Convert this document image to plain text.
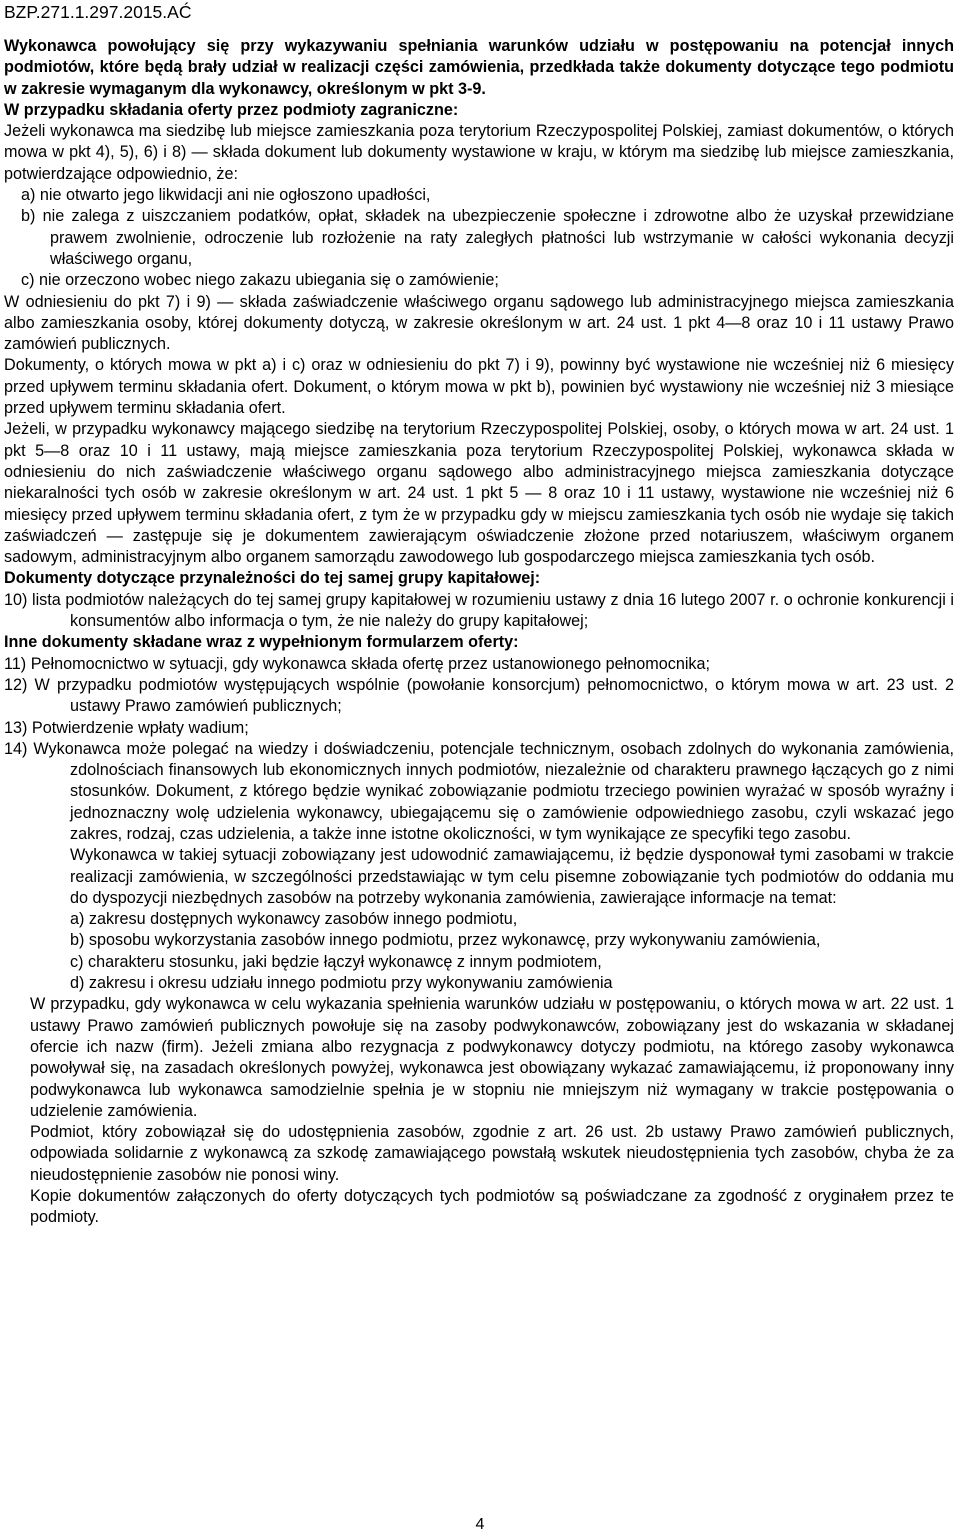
BZP.271.1.297.2015.AĆ

Wykonawca powołujący się przy wykazywaniu spełniania warunków udziału w postępowaniu na potencjał innych podmiotów, które będą brały udział w realizacji części zamówienia, przedkłada także dokumenty dotyczące tego podmiotu w zakresie wymaganym dla wykonawcy, określonym w pkt 3-9.

W przypadku składania oferty przez podmioty zagraniczne:

Jeżeli wykonawca ma siedzibę lub miejsce zamieszkania poza terytorium Rzeczypospolitej Polskiej, zamiast dokumentów, o których mowa w pkt 4), 5), 6) i 8) — składa dokument lub dokumenty wystawione w kraju, w którym ma siedzibę lub miejsce zamieszkania, potwierdzające odpowiednio, że:

a) nie otwarto jego likwidacji ani nie ogłoszono upadłości,

b) nie zalega z uiszczaniem podatków, opłat, składek na ubezpieczenie społeczne i zdrowotne albo że uzyskał przewidziane prawem zwolnienie, odroczenie lub rozłożenie na raty zaległych płatności lub wstrzymanie w całości wykonania decyzji właściwego organu,

c) nie orzeczono wobec niego zakazu ubiegania się o zamówienie;

W odniesieniu do pkt 7) i 9) — składa zaświadczenie właściwego organu sądowego lub administracyjnego miejsca zamieszkania albo zamieszkania osoby, której dokumenty dotyczą, w zakresie określonym w art. 24 ust. 1 pkt 4—8 oraz 10 i 11 ustawy Prawo zamówień publicznych.

Dokumenty, o których mowa w pkt a) i c) oraz w odniesieniu do pkt 7) i 9), powinny być wystawione nie wcześniej niż 6 miesięcy przed upływem terminu składania ofert. Dokument, o którym mowa w pkt b), powinien być wystawiony nie wcześniej niż 3 miesiące przed upływem terminu składania ofert.

Jeżeli, w przypadku wykonawcy mającego siedzibę na terytorium Rzeczypospolitej Polskiej, osoby, o których mowa w art. 24 ust. 1 pkt 5—8 oraz 10 i 11 ustawy, mają miejsce zamieszkania poza terytorium Rzeczypospolitej Polskiej, wykonawca składa w odniesieniu do nich zaświadczenie właściwego organu sądowego albo administracyjnego miejsca zamieszkania dotyczące niekaralności tych osób w zakresie określonym w art. 24 ust. 1 pkt 5 — 8 oraz 10 i 11 ustawy, wystawione nie wcześniej niż 6 miesięcy przed upływem terminu składania ofert, z tym że w przypadku gdy w miejscu zamieszkania tych osób nie wydaje się takich zaświadczeń — zastępuje się je dokumentem zawierającym oświadczenie złożone przed notariuszem, właściwym organem sadowym, administracyjnym albo organem samorządu zawodowego lub gospodarczego miejsca zamieszkania tych osób.

Dokumenty dotyczące przynależności do tej samej grupy kapitałowej:

10) lista podmiotów należących do tej samej grupy kapitałowej w rozumieniu ustawy z dnia 16 lutego 2007 r. o ochronie konkurencji i konsumentów albo informacja o tym, że nie należy do grupy kapitałowej;

Inne dokumenty składane wraz z wypełnionym formularzem oferty:

11) Pełnomocnictwo w sytuacji, gdy wykonawca składa ofertę przez ustanowionego pełnomocnika;

12) W przypadku podmiotów występujących wspólnie (powołanie konsorcjum) pełnomocnictwo, o którym mowa w art. 23 ust. 2 ustawy Prawo zamówień publicznych;

13) Potwierdzenie wpłaty wadium;

14) Wykonawca może polegać na wiedzy i doświadczeniu, potencjale technicznym, osobach zdolnych do wykonania zamówienia, zdolnościach finansowych lub ekonomicznych innych podmiotów, niezależnie od charakteru prawnego łączących go z nimi stosunków. Dokument, z którego będzie wynikać zobowiązanie podmiotu trzeciego powinien wyrażać w sposób wyraźny i jednoznaczny wolę udzielenia wykonawcy, ubiegającemu się o zamówienie odpowiedniego zasobu, czyli wskazać jego zakres, rodzaj, czas udzielenia, a także inne istotne okoliczności, w tym wynikające ze specyfiki tego zasobu.

Wykonawca w takiej sytuacji zobowiązany jest udowodnić zamawiającemu, iż będzie dysponował tymi zasobami w trakcie realizacji zamówienia, w szczególności przedstawiając w tym celu pisemne zobowiązanie tych podmiotów do oddania mu do dyspozycji niezbędnych zasobów na potrzeby wykonania zamówienia, zawierające informacje na temat:

a) zakresu dostępnych wykonawcy zasobów innego podmiotu,

b) sposobu wykorzystania zasobów innego podmiotu, przez wykonawcę, przy wykonywaniu zamówienia,

c) charakteru stosunku, jaki będzie łączył wykonawcę z innym podmiotem,

d) zakresu i okresu udziału innego podmiotu przy wykonywaniu zamówienia

W przypadku, gdy wykonawca w celu wykazania spełnienia warunków udziału w postępowaniu, o których mowa w art. 22 ust. 1 ustawy Prawo zamówień publicznych powołuje się na zasoby podwykonawców, zobowiązany jest do wskazania w składanej ofercie ich nazw (firm). Jeżeli zmiana albo rezygnacja z podwykonawcy dotyczy podmiotu, na którego zasoby wykonawca powoływał się, na zasadach określonych powyżej, wykonawca jest obowiązany wykazać zamawiającemu, iż proponowany inny podwykonawca lub wykonawca samodzielnie spełnia je w stopniu nie mniejszym niż wymagany w trakcie postępowania o udzielenie zamówienia.

Podmiot, który zobowiązał się do udostępnienia zasobów, zgodnie z art. 26 ust. 2b ustawy Prawo zamówień publicznych, odpowiada solidarnie z wykonawcą za szkodę zamawiającego powstałą wskutek nieudostępnienia tych zasobów, chyba że za nieudostępnienie zasobów nie ponosi winy.

Kopie dokumentów załączonych do oferty dotyczących tych podmiotów są poświadczane za zgodność z oryginałem przez te podmioty.

4
